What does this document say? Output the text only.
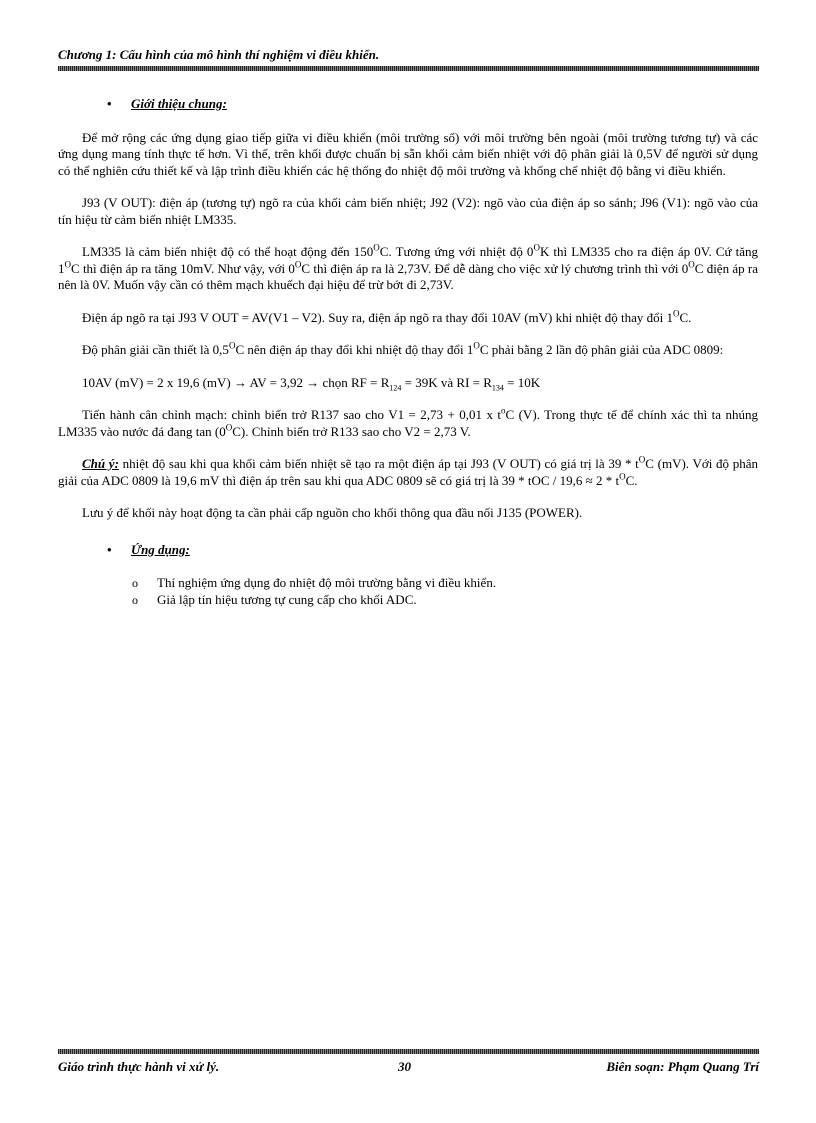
Chương 1: Cấu hình của mô hình thí nghiệm vi điều khiển.
• Giới thiệu chung:

Để mở rộng các ứng dụng giao tiếp giữa vi điều khiển (môi trường số) với môi trường bên ngoài (môi trường tương tự) và các ứng dụng mang tính thực tế hơn. Vì thế, trên khối được chuẩn bị sẵn khối cảm biến nhiệt với độ phân giải là 0,5V để người sử dụng có thể nghiên cứu thiết kế và lập trình điều khiển các hệ thống đo nhiệt độ môi trường và khống chế nhiệt độ bằng vi điều khiển.

J93 (V OUT): điện áp (tương tự) ngõ ra của khối cảm biến nhiệt; J92 (V2): ngõ vào của điện áp so sánh; J96 (V1): ngõ vào của tín hiệu từ cảm biến nhiệt LM335.

LM335 là cảm biến nhiệt độ có thể hoạt động đến $150^OC$. Tương ứng với nhiệt độ $0^OK$ thì LM335 cho ra điện áp 0V. Cứ tăng $1^OC$ thì điện áp ra tăng 10mV. Như vậy, với $0^OC$ thì điện áp ra là 2,73V. Để dễ dàng cho việc xử lý chương trình thì với $0^OC$ điện áp ra nên là 0V. Muốn vậy cần có thêm mạch khuếch đại hiệu để trừ bớt đi 2,73V.

Điện áp ngõ ra tại J93 V OUT = AV(V1 – V2). Suy ra, điện áp ngõ ra thay đổi 10AV (mV) khi nhiệt độ thay đổi $1^OC$.

Độ phân giải cần thiết là $0,5^OC$ nên điện áp thay đổi khi nhiệt độ thay đổi $1^OC$ phải bằng 2 lần độ phân giải của ADC 0809:

10AV (mV) = 2 x 19,6 (mV) → AV = 3,92 → chọn RF = $R_{124} = 39K$ và RI = $R_{134} = 10K$

Tiến hành cân chỉnh mạch: chỉnh biến trở R137 sao cho V1 = 2,73 + 0,01 x $t^oC$ (V). Trong thực tế để chính xác thì ta nhúng LM335 vào nước đá đang $\tan (0^OC)$. Chỉnh biến trở R133 sao cho V2 = 2,73 V.

Chú ý: nhiệt độ sau khi qua khối cảm biến nhiệt sẽ tạo ra một điện áp tại J93 (V OUT) có giá trị là $39 * t^OC$ (mV). Với độ phân giải của ADC 0809 là 19,6 mV thì điện áp trên sau khi qua ADC 0809 sẽ có giá trị là 39 * tOC / $19,6 \approx 2 * t^OC$.

Lưu ý để khối này hoạt động ta cần phải cấp nguồn cho khối thông qua đầu nối J135 (POWER).

• Ứng dụng:
o Thí nghiệm ứng dụng đo nhiệt độ môi trường bằng vi điều khiển.
o Giả lập tín hiệu tương tự cung cấp cho khối ADC.
Giáo trình thực hành vi xử lý.	30	Biên soạn: Phạm Quang Trí
